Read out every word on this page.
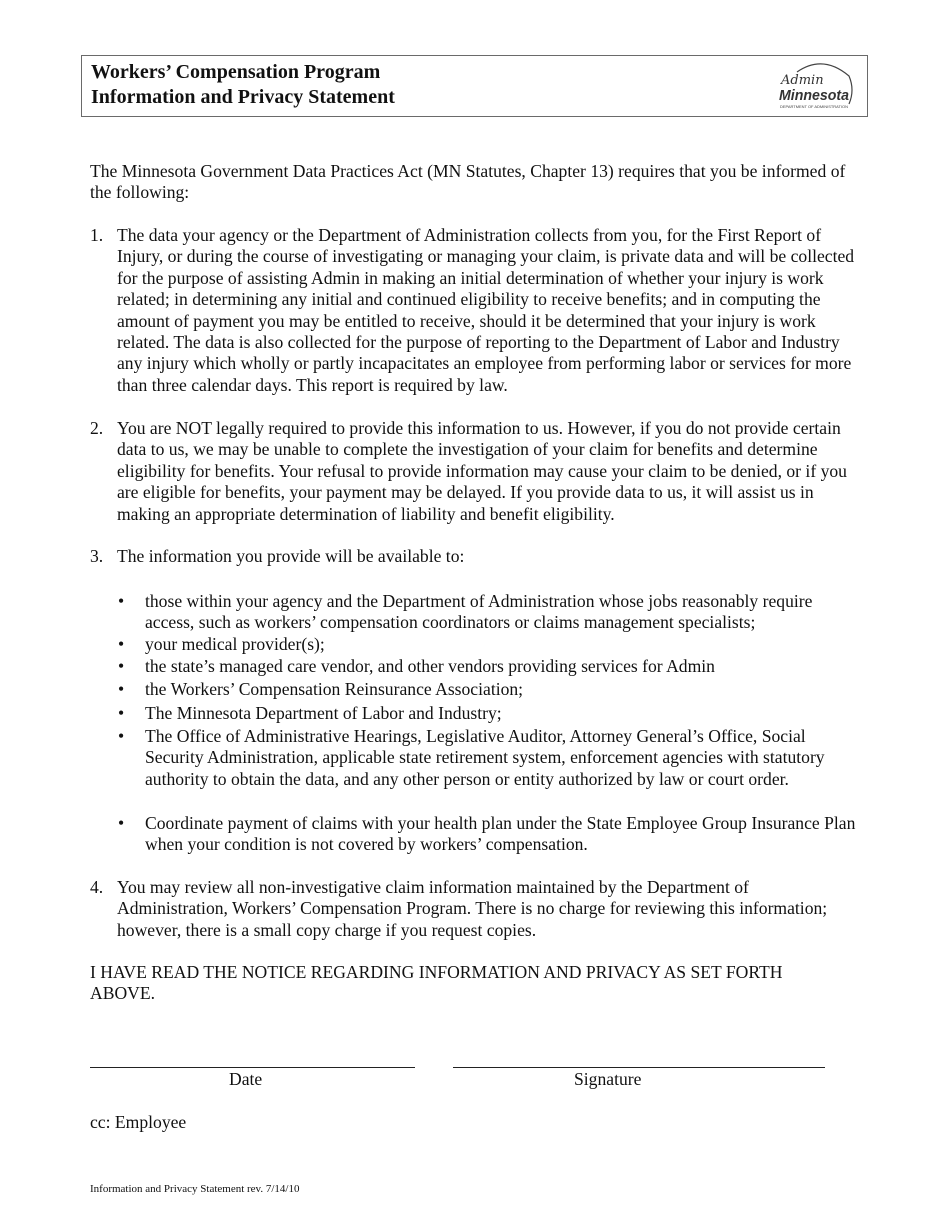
Workers’ Compensation Program
Information and Privacy Statement
Admin
Minnesota
DEPARTMENT OF ADMINISTRATION
The Minnesota Government Data Practices Act (MN Statutes, Chapter 13) requires that you be informed of the following:
1. The data your agency or the Department of Administration collects from you, for the First Report of Injury, or during the course of investigating or managing your claim, is private data and will be collected for the purpose of assisting Admin in making an initial determination of whether your injury is work related; in determining any initial and continued eligibility to receive benefits; and in computing the amount of payment you may be entitled to receive, should it be determined that your injury is work related. The data is also collected for the purpose of reporting to the Department of Labor and Industry any injury which wholly or partly incapacitates an employee from performing labor or services for more than three calendar days. This report is required by law.
2. You are NOT legally required to provide this information to us. However, if you do not provide certain data to us, we may be unable to complete the investigation of your claim for benefits and determine eligibility for benefits. Your refusal to provide information may cause your claim to be denied, or if you are eligible for benefits, your payment may be delayed. If you provide data to us, it will assist us in making an appropriate determination of liability and benefit eligibility.
3. The information you provide will be available to:
• those within your agency and the Department of Administration whose jobs reasonably require access, such as workers’ compensation coordinators or claims management specialists;
• your medical provider(s);
• the state’s managed care vendor, and other vendors providing services for Admin
• the Workers’ Compensation Reinsurance Association;
• The Minnesota Department of Labor and Industry;
• The Office of Administrative Hearings, Legislative Auditor, Attorney General’s Office, Social Security Administration, applicable state retirement system, enforcement agencies with statutory authority to obtain the data, and any other person or entity authorized by law or court order.
• Coordinate payment of claims with your health plan under the State Employee Group Insurance Plan when your condition is not covered by workers’ compensation.
4. You may review all non-investigative claim information maintained by the Department of Administration, Workers’ Compensation Program. There is no charge for reviewing this information; however, there is a small copy charge if you request copies.
I HAVE READ THE NOTICE REGARDING INFORMATION AND PRIVACY AS SET FORTH ABOVE.
Date	Signature
cc: Employee
Information and Privacy Statement rev. 7/14/10
